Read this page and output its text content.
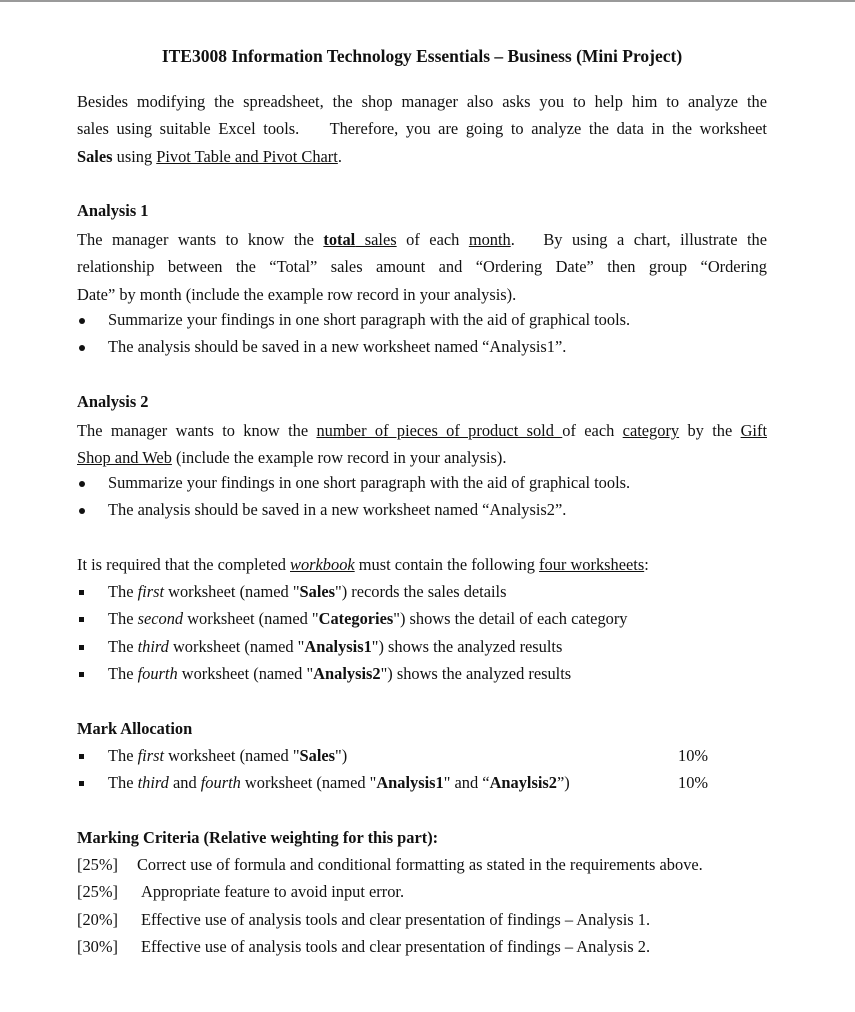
ITE3008 Information Technology Essentials – Business (Mini Project)
Besides modifying the spreadsheet, the shop manager also asks you to help him to analyze the
sales using suitable Excel tools.    Therefore, you are going to analyze the data in the worksheet
Sales using Pivot Table and Pivot Chart.
Analysis 1
The manager wants to know the total sales of each month.   By using a chart, illustrate the
relationship between the “Total” sales amount and “Ordering Date” then group “Ordering
Date” by month (include the example row record in your analysis).
Summarize your findings in one short paragraph with the aid of graphical tools.
The analysis should be saved in a new worksheet named “Analysis1”.
Analysis 2
The manager wants to know the number of pieces of product sold of each category by the Gift
Shop and Web (include the example row record in your analysis).
Summarize your findings in one short paragraph with the aid of graphical tools.
The analysis should be saved in a new worksheet named “Analysis2”.
It is required that the completed workbook must contain the following four worksheets:
The first worksheet (named "Sales") records the sales details
The second worksheet (named "Categories") shows the detail of each category
The third worksheet (named "Analysis1") shows the analyzed results
The fourth worksheet (named "Analysis2") shows the analyzed results
Mark Allocation
The first worksheet (named "Sales")	10%
The third and fourth worksheet (named "Analysis1" and “Anaylsis2”)	10%
Marking Criteria (Relative weighting for this part):
[25%] Correct use of formula and conditional formatting as stated in the requirements above.
[25%] Appropriate feature to avoid input error.
[20%] Effective use of analysis tools and clear presentation of findings – Analysis 1.
[30%] Effective use of analysis tools and clear presentation of findings – Analysis 2.
